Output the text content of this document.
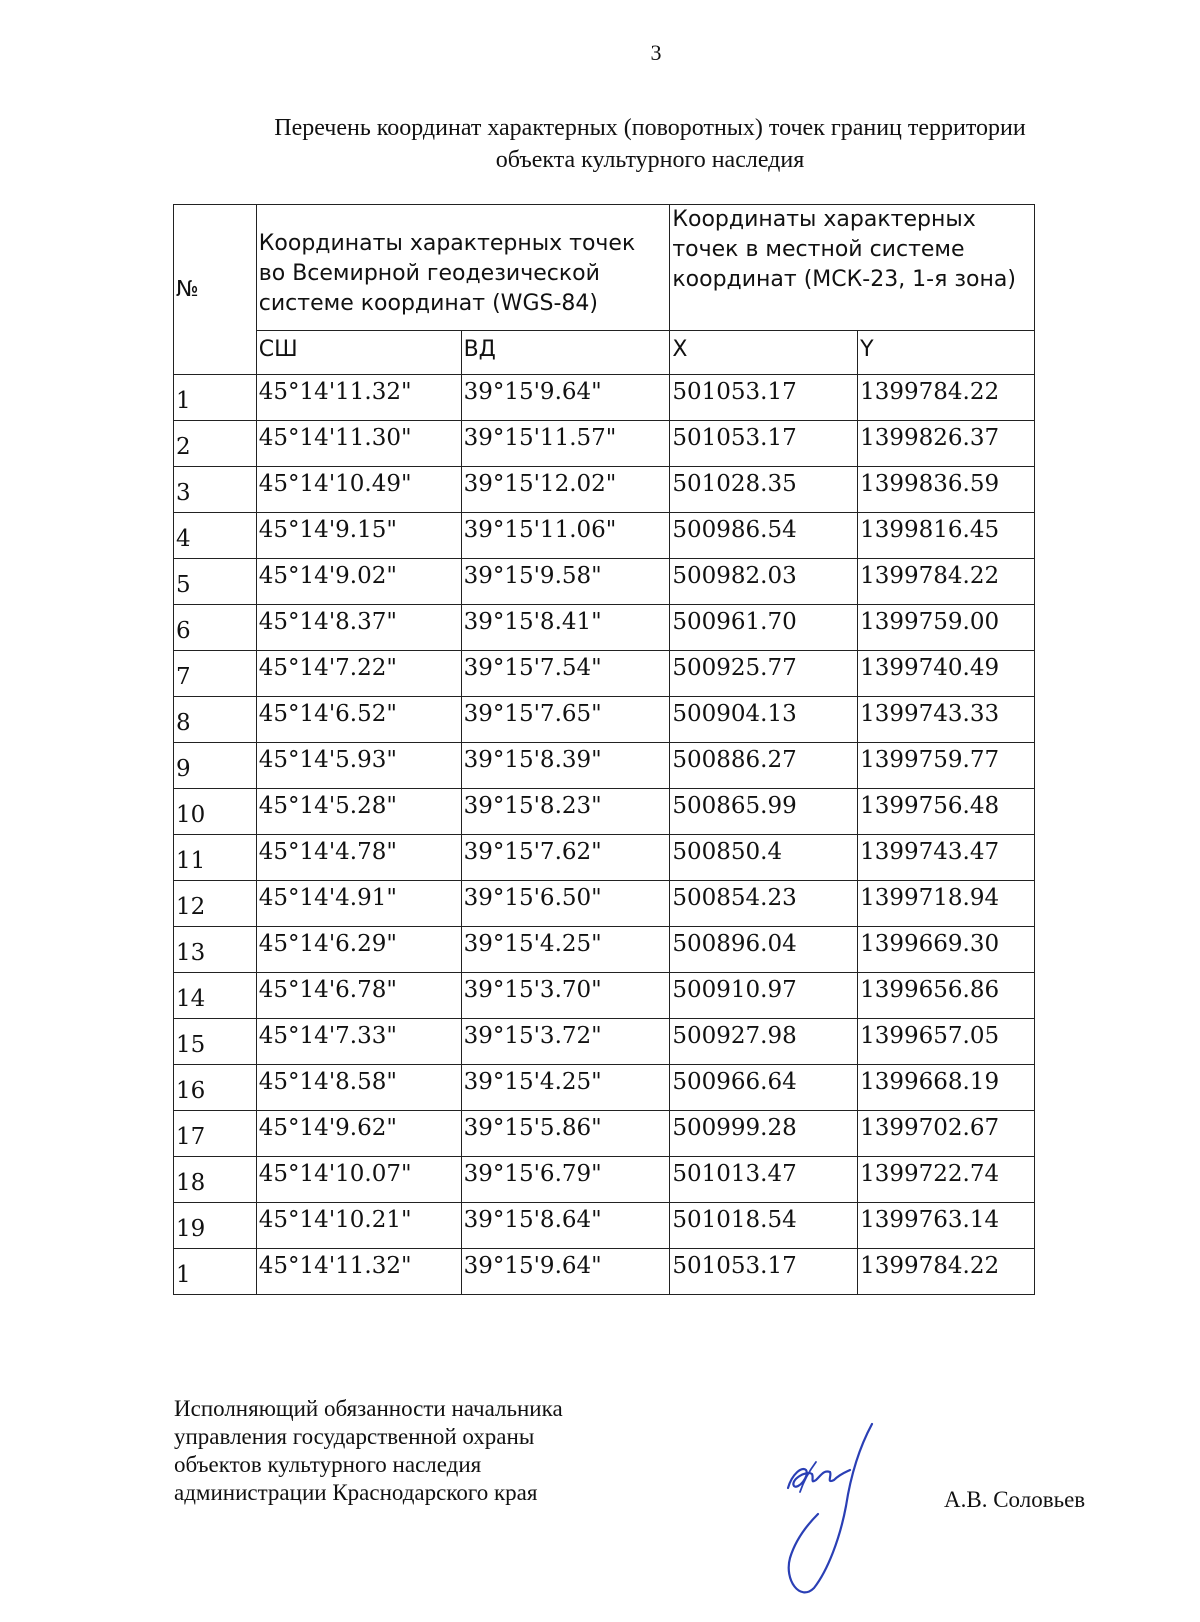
3
Перечень координат характерных (поворотных) точек границ территории
объекта культурного наследия
№	Координаты характерных точек во Всемирной геодезической системе координат (WGS-84)		Координаты характерных точек в местной системе координат (МСК-23, 1-я зона)	
	СШ	ВД	X	Y
1	45°14'11.32"	39°15'9.64"	501053.17	1399784.22
2	45°14'11.30"	39°15'11.57"	501053.17	1399826.37
3	45°14'10.49"	39°15'12.02"	501028.35	1399836.59
4	45°14'9.15"	39°15'11.06"	500986.54	1399816.45
5	45°14'9.02"	39°15'9.58"	500982.03	1399784.22
6	45°14'8.37"	39°15'8.41"	500961.70	1399759.00
7	45°14'7.22"	39°15'7.54"	500925.77	1399740.49
8	45°14'6.52"	39°15'7.65"	500904.13	1399743.33
9	45°14'5.93"	39°15'8.39"	500886.27	1399759.77
10	45°14'5.28"	39°15'8.23"	500865.99	1399756.48
11	45°14'4.78"	39°15'7.62"	500850.4	1399743.47
12	45°14'4.91"	39°15'6.50"	500854.23	1399718.94
13	45°14'6.29"	39°15'4.25"	500896.04	1399669.30
14	45°14'6.78"	39°15'3.70"	500910.97	1399656.86
15	45°14'7.33"	39°15'3.72"	500927.98	1399657.05
16	45°14'8.58"	39°15'4.25"	500966.64	1399668.19
17	45°14'9.62"	39°15'5.86"	500999.28	1399702.67
18	45°14'10.07"	39°15'6.79"	501013.47	1399722.74
19	45°14'10.21"	39°15'8.64"	501018.54	1399763.14
1	45°14'11.32"	39°15'9.64"	501053.17	1399784.22
Исполняющий обязанности начальника
управления государственной охраны
объектов культурного наследия
администрации Краснодарского края	А.В. Соловьев
